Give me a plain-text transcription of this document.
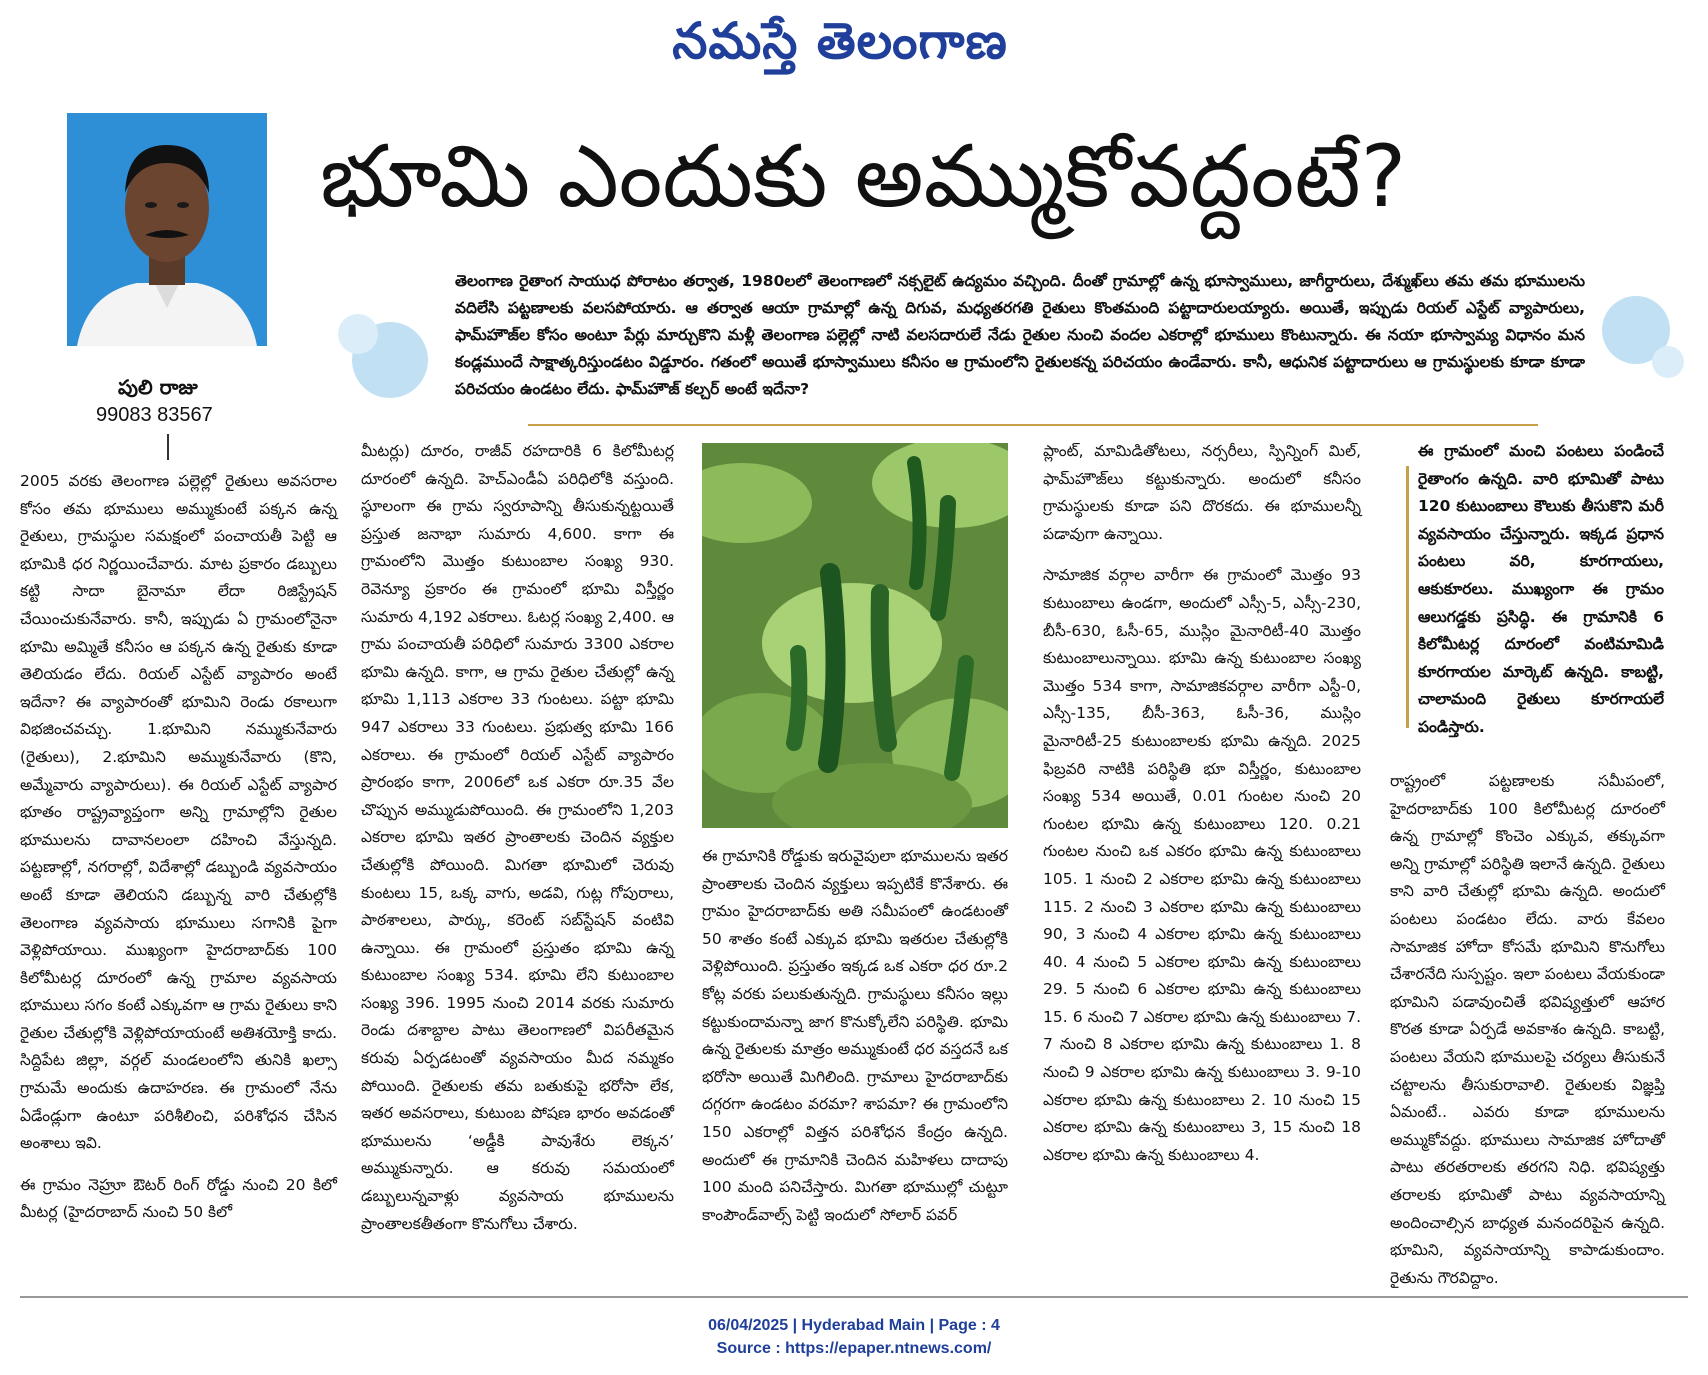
నమస్తే తెలంగాణ
భూమి ఎందుకు అమ్ముకోవద్దంటే?
పులి రాజు
99083 83567
తెలంగాణ రైతాంగ సాయుధ పోరాటం తర్వాత, 1980లలో తెలంగాణలో నక్సలైట్ ఉద్యమం వచ్చింది. దీంతో గ్రామాల్లో ఉన్న భూస్వాములు, జాగీర్దారులు, దేశ్ముఖ్‌లు తమ తమ భూములను వదిలేసి పట్టణాలకు వలసపోయారు. ఆ తర్వాత ఆయా గ్రామాల్లో ఉన్న దిగువ, మధ్యతరగతి రైతులు కొంతమంది పట్టాదారులయ్యారు. అయితే, ఇప్పుడు రియల్ ఎస్టేట్ వ్యాపారులు, ఫామ్‌హౌజ్‌ల కోసం అంటూ పేర్లు మార్చుకొని మళ్లీ తెలంగాణ పల్లెల్లో నాటి వలసదారులే నేడు రైతుల నుంచి వందల ఎకరాల్లో భూములు కొంటున్నారు. ఈ నయా భూస్వామ్య విధానం మన కండ్లముందే సాక్షాత్కరిస్తుండటం విడ్డూరం. గతంలో అయితే భూస్వాములు కనీసం ఆ గ్రామంలోని రైతులకన్న పరిచయం ఉండేవారు. కానీ, ఆధునిక పట్టాదారులు ఆ గ్రామస్థులకు కూడా కూడా పరిచయం ఉండటం లేదు. ఫామ్‌హౌజ్ కల్చర్ అంటే ఇదేనా?

2005 వరకు తెలంగాణ పల్లెల్లో రైతులు అవసరాల కోసం తమ భూములు అమ్ముకుంటే పక్కన ఉన్న రైతులు, గ్రామస్థుల సమక్షంలో పంచాయతీ పెట్టి ఆ భూమికి ధర నిర్ణయించేవారు. మాట ప్రకారం డబ్బులు కట్టి సాదా బైనామా లేదా రిజిస్ట్రేషన్ చేయించుకునేవారు. కానీ, ఇప్పుడు ఏ గ్రామంలోనైనా భూమి అమ్మితే కనీసం ఆ పక్కన ఉన్న రైతుకు కూడా తెలియడం లేదు. రియల్ ఎస్టేట్ వ్యాపారం అంటే ఇదేనా? ఈ వ్యాపారంతో భూమిని రెండు రకాలుగా విభజించవచ్చు. 1.భూమిని నమ్ముకునేవారు (రైతులు), 2.భూమిని అమ్ముకునేవారు (కొని, అమ్మేవారు వ్యాపారులు). ఈ రియల్ ఎస్టేట్ వ్యాపార భూతం రాష్ట్రవ్యాప్తంగా అన్ని గ్రామాల్లోని రైతుల భూములను దావానలంలా దహించి వేస్తున్నది. పట్టణాల్లో, నగరాల్లో, విదేశాల్లో డబ్బుండి వ్యవసాయం అంటే కూడా తెలియని డబ్బున్న వారి చేతుల్లోకి తెలంగాణ వ్యవసాయ భూములు సగానికి పైగా వెళ్లిపోయాయి. ముఖ్యంగా హైదరాబాద్‌కు 100 కిలోమీటర్ల దూరంలో ఉన్న గ్రామాల వ్యవసాయ భూములు సగం కంటే ఎక్కువగా ఆ గ్రామ రైతులు కాని రైతుల చేతుల్లోకి వెళ్లిపోయాయంటే అతిశయోక్తి కాదు. సిద్దిపేట జిల్లా, వర్గల్ మండలంలోని తునికి ఖల్సా గ్రామమే అందుకు ఉదాహరణ. ఈ గ్రామంలో నేను ఏడేండ్లుగా ఉంటూ పరిశీలించి, పరిశోధన చేసిన అంశాలు ఇవి.

ఈ గ్రామం నెహ్రూ ఔటర్ రింగ్ రోడ్డు నుంచి 20 కిలో మీటర్ల (హైదరాబాద్ నుంచి 50 కిలో

మీటర్లు) దూరం, రాజీవ్ రహదారికి 6 కిలోమీటర్ల దూరంలో ఉన్నది. హెచ్ఎండీఏ పరిధిలోకి వస్తుంది. స్థూలంగా ఈ గ్రామ స్వరూపాన్ని తీసుకున్నట్టయితే ప్రస్తుత జనాభా సుమారు 4,600. కాగా ఈ గ్రామంలోని మొత్తం కుటుంబాల సంఖ్య 930. రెవెన్యూ ప్రకారం ఈ గ్రామంలో భూమి విస్తీర్ణం సుమారు 4,192 ఎకరాలు. ఓటర్ల సంఖ్య 2,400. ఆ గ్రామ పంచాయతీ పరిధిలో సుమారు 3300 ఎకరాల భూమి ఉన్నది. కాగా, ఆ గ్రామ రైతుల చేతుల్లో ఉన్న భూమి 1,113 ఎకరాల 33 గుంటలు. పట్టా భూమి 947 ఎకరాలు 33 గుంటలు. ప్రభుత్వ భూమి 166 ఎకరాలు. ఈ గ్రామంలో రియల్ ఎస్టేట్ వ్యాపారం ప్రారంభం కాగా, 2006లో ఒక ఎకరా రూ.35 వేల చొప్పున అమ్ముడుపోయింది. ఈ గ్రామంలోని 1,203 ఎకరాల భూమి ఇతర ప్రాంతాలకు చెందిన వ్యక్తుల చేతుల్లోకి పోయింది. మిగతా భూమిలో చెరువు కుంటలు 15, ఒక్క వాగు, అడవి, గుట్ల గోపురాలు, పాఠశాలలు, పార్కు, కరెంట్ సబ్‌స్టేషన్ వంటివి ఉన్నాయి. ఈ గ్రామంలో ప్రస్తుతం భూమి ఉన్న కుటుంబాల సంఖ్య 534. భూమి లేని కుటుంబాల సంఖ్య 396. 1995 నుంచి 2014 వరకు సుమారు రెండు దశాబ్దాల పాటు తెలంగాణలో విపరీతమైన కరువు ఏర్పడటంతో వ్యవసాయం మీద నమ్మకం పోయింది. రైతులకు తమ బతుకుపై భరోసా లేక, ఇతర అవసరాలు, కుటుంబ పోషణ భారం అవడంతో భూములను ‘అడ్డీకి పావుశేరు లెక్కన’ అమ్ముకున్నారు. ఆ కరువు సమయంలో డబ్బులున్నవాళ్లు వ్యవసాయ భూములను ప్రాంతాలకతీతంగా కొనుగోలు చేశారు.

ఈ గ్రామానికి రోడ్డుకు ఇరువైపులా భూములను ఇతర ప్రాంతాలకు చెందిన వ్యక్తులు ఇప్పటికే కొనేశారు. ఈ గ్రామం హైదరాబాద్‌కు అతి సమీపంలో ఉండటంతో 50 శాతం కంటే ఎక్కువ భూమి ఇతరుల చేతుల్లోకి వెళ్లిపోయింది. ప్రస్తుతం ఇక్కడ ఒక ఎకరా ధర రూ.2 కోట్ల వరకు పలుకుతున్నది. గ్రామస్థులు కనీసం ఇల్లు కట్టుకుందామన్నా జాగ కొనుక్కోలేని పరిస్థితి. భూమి ఉన్న రైతులకు మాత్రం అమ్ముకుంటే ధర వస్తదనే ఒక భరోసా అయితే మిగిలింది. గ్రామాలు హైదరాబాద్‌కు దగ్గరగా ఉండటం వరమా? శాపమా? ఈ గ్రామంలోని 150 ఎకరాల్లో విత్తన పరిశోధన కేంద్రం ఉన్నది. అందులో ఈ గ్రామానికి చెందిన మహిళలు దాదాపు 100 మంది పనిచేస్తారు. మిగతా భూముల్లో చుట్టూ కాంపౌండ్‌వాల్స్ పెట్టి ఇందులో సోలార్ పవర్

ప్లాంట్, మామిడితోటలు, నర్సరీలు, స్పిన్నింగ్ మిల్, ఫామ్‌హౌజ్‌లు కట్టుకున్నారు. అందులో కనీసం గ్రామస్థులకు కూడా పని దొరకదు. ఈ భూములన్నీ పడావుగా ఉన్నాయి.

సామాజిక వర్గాల వారీగా ఈ గ్రామంలో మొత్తం 93 కుటుంబాలు ఉండగా, అందులో ఎస్సీ-5, ఎస్సీ-230, బీసీ-630, ఓసీ-65, ముస్లిం మైనారిటీ-40 మొత్తం కుటుంబాలున్నాయి. భూమి ఉన్న కుటుంబాల సంఖ్య మొత్తం 534 కాగా, సామాజికవర్గాల వారీగా ఎస్టీ-0, ఎస్సీ-135, బీసీ-363, ఓసీ-36, ముస్లిం మైనారిటీ-25 కుటుంబాలకు భూమి ఉన్నది. 2025 ఫిబ్రవరి నాటికి పరిస్థితి భూ విస్తీర్ణం, కుటుంబాల సంఖ్య 534 అయితే, 0.01 గుంటల నుంచి 20 గుంటల భూమి ఉన్న కుటుంబాలు 120. 0.21 గుంటల నుంచి ఒక ఎకరం భూమి ఉన్న కుటుంబాలు 105. 1 నుంచి 2 ఎకరాల భూమి ఉన్న కుటుంబాలు 115. 2 నుంచి 3 ఎకరాల భూమి ఉన్న కుటుంబాలు 90, 3 నుంచి 4 ఎకరాల భూమి ఉన్న కుటుంబాలు 40. 4 నుంచి 5 ఎకరాల భూమి ఉన్న కుటుంబాలు 29. 5 నుంచి 6 ఎకరాల భూమి ఉన్న కుటుంబాలు 15. 6 నుంచి 7 ఎకరాల భూమి ఉన్న కుటుంబాలు 7. 7 నుంచి 8 ఎకరాల భూమి ఉన్న కుటుంబాలు 1. 8 నుంచి 9 ఎకరాల భూమి ఉన్న కుటుంబాలు 3. 9-10 ఎకరాల భూమి ఉన్న కుటుంబాలు 2. 10 నుంచి 15 ఎకరాల భూమి ఉన్న కుటుంబాలు 3, 15 నుంచి 18 ఎకరాల భూమి ఉన్న కుటుంబాలు 4.

ఈ గ్రామంలో మంచి పంటలు పండించే రైతాంగం ఉన్నది. వారి భూమితో పాటు 120 కుటుంబాలు కౌలుకు తీసుకొని మరీ వ్యవసాయం చేస్తున్నారు. ఇక్కడ ప్రధాన పంటలు వరి, కూరగాయలు, ఆకుకూరలు. ముఖ్యంగా ఈ గ్రామం ఆలుగడ్డకు ప్రసిద్ధి. ఈ గ్రామానికి 6 కిలోమీటర్ల దూరంలో వంటిమామిడి కూరగాయల మార్కెట్ ఉన్నది. కాబట్టి, చాలామంది రైతులు కూరగాయలే పండిస్తారు.

రాష్ట్రంలో పట్టణాలకు సమీపంలో, హైదరాబాద్‌కు 100 కిలోమీటర్ల దూరంలో ఉన్న గ్రామాల్లో కొంచెం ఎక్కువ, తక్కువగా అన్ని గ్రామాల్లో పరిస్థితి ఇలానే ఉన్నది. రైతులు కాని వారి చేతుల్లో భూమి ఉన్నది. అందులో పంటలు పండటం లేదు. వారు కేవలం సామాజిక హోదా కోసమే భూమిని కొనుగోలు చేశారనేది సుస్పష్టం. ఇలా పంటలు వేయకుండా భూమిని పడావుంచితే భవిష్యత్తులో ఆహార కొరత కూడా ఏర్పడే అవకాశం ఉన్నది. కాబట్టి, పంటలు వేయని భూములపై చర్యలు తీసుకునే చట్టాలను తీసుకురావాలి. రైతులకు విజ్ఞప్తి ఏమంటే.. ఎవరు కూడా భూములను అమ్ముకోవద్దు. భూములు సామాజిక హోదాతో పాటు తరతరాలకు తరగని నిధి. భవిష్యత్తు తరాలకు భూమితో పాటు వ్యవసాయాన్ని అందించాల్సిన బాధ్యత మనందరిపైన ఉన్నది. భూమిని, వ్యవసాయాన్ని కాపాడుకుందాం. రైతును గౌరవిద్దాం.

06/04/2025 | Hyderabad Main | Page : 4
Source : https://epaper.ntnews.com/
